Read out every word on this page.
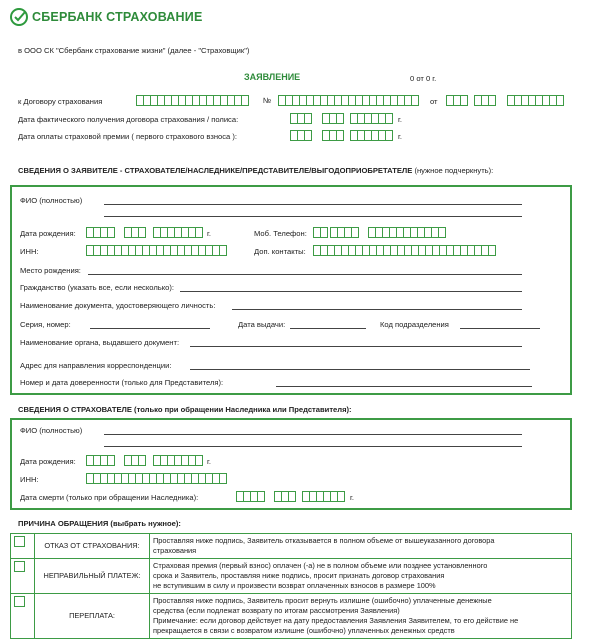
СБЕРБАНК СТРАХОВАНИЕ
в ООО СК "Сбербанк страхование жизни" (далее - "Страховщик")
ЗАЯВЛЕНИЕ	0 от 0 г.
к Договору страхования	№	от
Дата фактического получения договора страхования / полиса:	г.
Дата оплаты страховой премии ( первого страхового взноса ):	г.
СВЕДЕНИЯ О ЗАЯВИТЕЛЕ - СТРАХОВАТЕЛЕ/НАСЛЕДНИКЕ/ПРЕДСТАВИТЕЛЕ/ВЫГОДОПРИОБРЕТАТЕЛЕ (нужное подчеркнуть):
ФИО (полностью)
Дата рождения:	г.	Моб. Телефон:
ИНН:	Доп. контакты:
Место рождения:
Гражданство (указать все, если несколько):
Наименование документа, удостоверяющего личность:
Серия, номер:	Дата выдачи:	Код подразделения
Наименование органа, выдавшего документ:
Адрес для направления корреспонденции:
Номер и дата доверенности (только для Представителя):
СВЕДЕНИЯ О СТРАХОВАТЕЛЕ (только при обращении Наследника или Представителя):
ФИО (полностью)
Дата рождения:	г.
ИНН:
Дата смерти (только при обращении Наследника):	г.
ПРИЧИНА ОБРАЩЕНИЯ (выбрать нужное):
	ОТКАЗ ОТ СТРАХОВАНИЯ:	Проставляя ниже подпись, Заявитель отказывается в полном объеме от вышеуказанного договора
страхования

	НЕПРАВИЛЬНЫЙ ПЛАТЕЖ:	Страховая премия (первый взнос) оплачен (-а) не в полном объеме или позднее установленного
срока и Заявитель, проставляя ниже подпись, просит признать договор страхования
не вступившим в силу и произвести возврат оплаченных взносов в размере 100%

	ПЕРЕПЛАТА:	Проставляя ниже подпись, Заявитель просит вернуть излишне (ошибочно) уплаченные денежные
средства (если подлежат возврату по итогам рассмотрения Заявления)
Примечание: если договор действует на дату предоставления Заявления Заявителем, то его действие не
прекращается в связи с возвратом излишне (ошибочно) уплаченных денежных средств
